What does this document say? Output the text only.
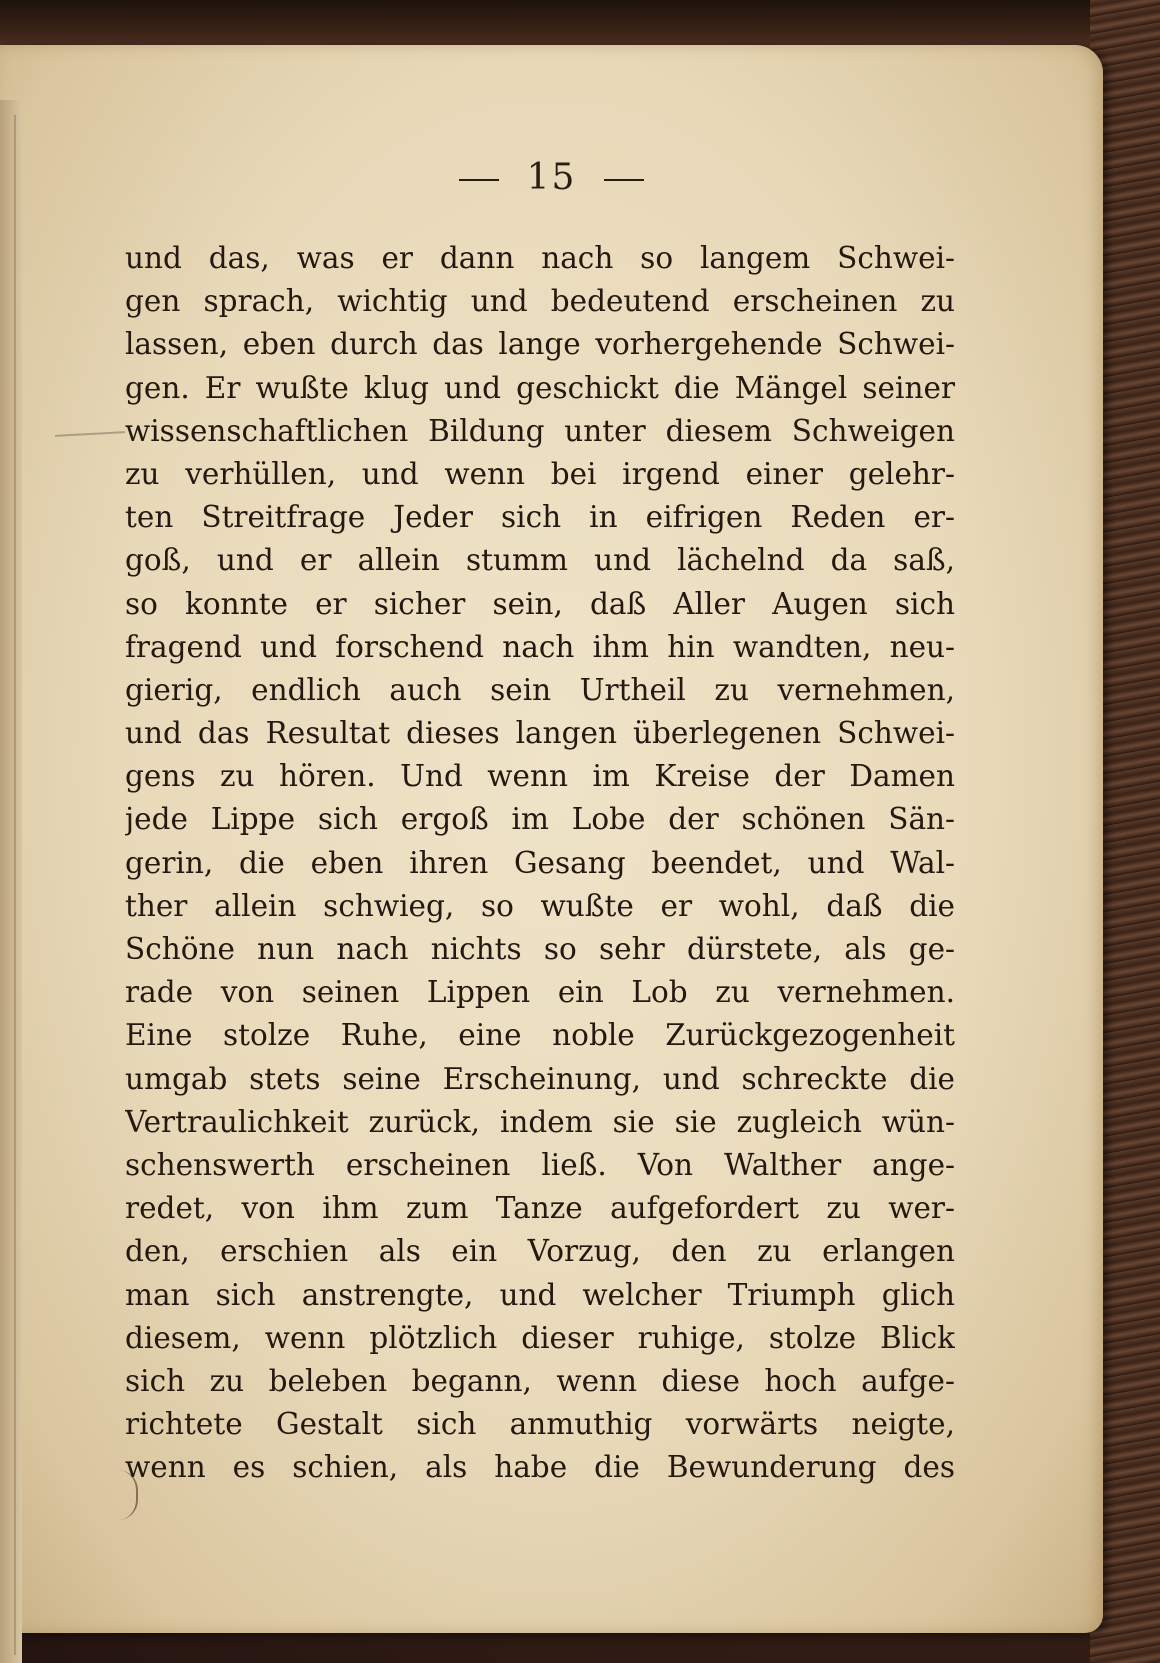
15
und das, was er dann nach so langem Schwei-
gen sprach, wichtig und bedeutend erscheinen zu
lassen, eben durch das lange vorhergehende Schwei-
gen. Er wußte klug und geschickt die Mängel seiner
wissenschaftlichen Bildung unter diesem Schweigen
zu verhüllen, und wenn bei irgend einer gelehr-
ten Streitfrage Jeder sich in eifrigen Reden er-
goß, und er allein stumm und lächelnd da saß,
so konnte er sicher sein, daß Aller Augen sich
fragend und forschend nach ihm hin wandten, neu-
gierig, endlich auch sein Urtheil zu vernehmen,
und das Resultat dieses langen überlegenen Schwei-
gens zu hören. Und wenn im Kreise der Damen
jede Lippe sich ergoß im Lobe der schönen Sän-
gerin, die eben ihren Gesang beendet, und Wal-
ther allein schwieg, so wußte er wohl, daß die
Schöne nun nach nichts so sehr dürstete, als ge-
rade von seinen Lippen ein Lob zu vernehmen.
Eine stolze Ruhe, eine noble Zurückgezogenheit
umgab stets seine Erscheinung, und schreckte die
Vertraulichkeit zurück, indem sie sie zugleich wün-
schenswerth erscheinen ließ. Von Walther ange-
redet, von ihm zum Tanze aufgefordert zu wer-
den, erschien als ein Vorzug, den zu erlangen
man sich anstrengte, und welcher Triumph glich
diesem, wenn plötzlich dieser ruhige, stolze Blick
sich zu beleben begann, wenn diese hoch aufge-
richtete Gestalt sich anmuthig vorwärts neigte,
wenn es schien, als habe die Bewunderung des
